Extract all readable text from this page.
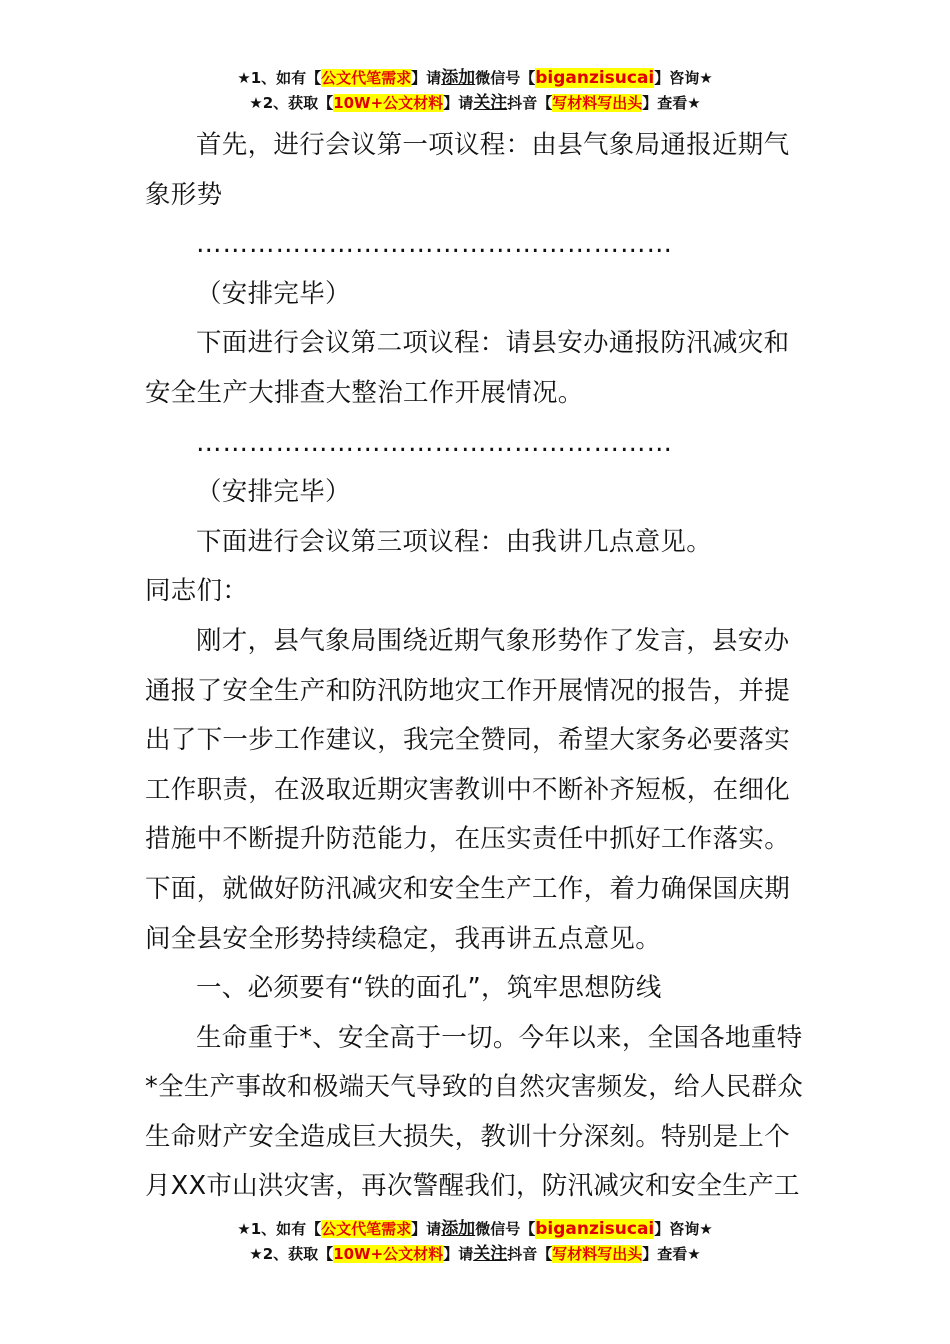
★1、如有【公文代笔需求】请添加微信号【biganzisucai】咨询★
★2、获取【10W+公文材料】请关注抖音【写材料写出头】查看★

首先，进行会议第一项议程：由县气象局通报近期气象形势

………………………………………………

（安排完毕）

下面进行会议第二项议程：请县安办通报防汛减灾和安全生产大排查大整治工作开展情况。

………………………………………………

（安排完毕）

下面进行会议第三项议程：由我讲几点意见。

同志们：

刚才，县气象局围绕近期气象形势作了发言，县安办通报了安全生产和防汛防地灾工作开展情况的报告，并提出了下一步工作建议，我完全赞同，希望大家务必要落实工作职责，在汲取近期灾害教训中不断补齐短板，在细化措施中不断提升防范能力，在压实责任中抓好工作落实。下面，就做好防汛减灾和安全生产工作，着力确保国庆期间全县安全形势持续稳定，我再讲五点意见。

一、必须要有“铁的面孔”，筑牢思想防线

生命重于*、安全高于一切。今年以来，全国各地重特*全生产事故和极端天气导致的自然灾害频发，给人民群众生命财产安全造成巨大损失，教训十分深刻。特别是上个月XX市山洪灾害，再次警醒我们，防汛减灾和安全生产工

★1、如有【公文代笔需求】请添加微信号【biganzisucai】咨询★
★2、获取【10W+公文材料】请关注抖音【写材料写出头】查看★
